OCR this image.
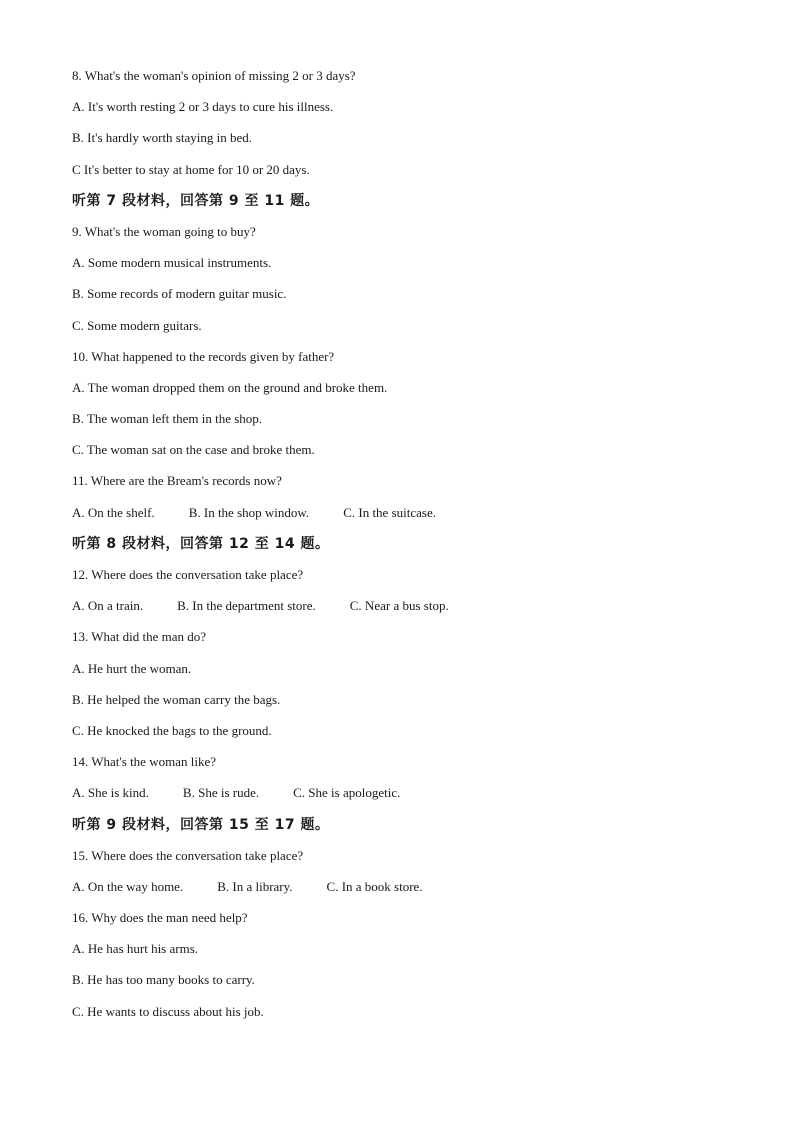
8. What's the woman's opinion of missing 2 or 3 days?
A. It's worth resting 2 or 3 days to cure his illness.
B. It's hardly worth staying in bed.
C It's better to stay at home for 10 or 20 days.
听第 7 段材料，回答第 9 至 11 题。
9. What's the woman going to buy?
A. Some modern musical instruments.
B. Some records of modern guitar music.
C. Some modern guitars.
10. What happened to the records given by father?
A. The woman dropped them on the ground and broke them.
B. The woman left them in the shop.
C. The woman sat on the case and broke them.
11. Where are the Bream's records now?
A. On the shelf.	B. In the shop window.	C. In the suitcase.
听第 8 段材料，回答第 12 至 14 题。
12. Where does the conversation take place?
A. On a train.	B. In the department store.	C. Near a bus stop.
13. What did the man do?
A. He hurt the woman.
B. He helped the woman carry the bags.
C. He knocked the bags to the ground.
14. What's the woman like?
A. She is kind.	B. She is rude.	C. She is apologetic.
听第 9 段材料，回答第 15 至 17 题。
15. Where does the conversation take place?
A. On the way home.	B. In a library.	C. In a book store.
16. Why does the man need help?
A. He has hurt his arms.
B. He has too many books to carry.
C. He wants to discuss about his job.
